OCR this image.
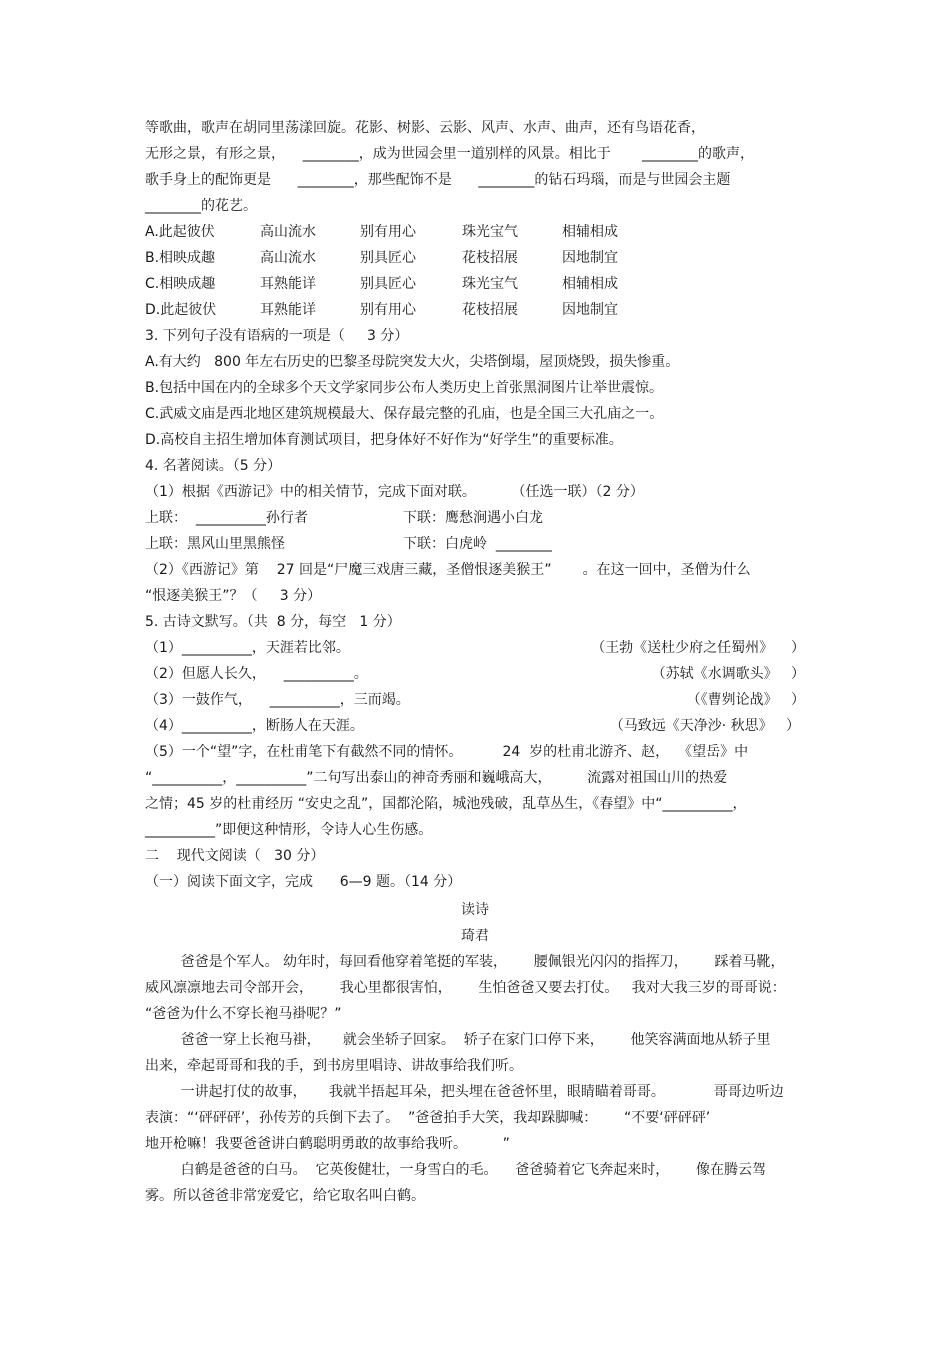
等歌曲，歌声在胡同里荡漾回旋。花影、树影、云影、风声、水声、曲声，还有鸟语花香，
无形之景，有形之景，    ________，成为世园会里一道别样的风景。相比于       ________的歌声，
歌手身上的配饰更是      ________，那些配饰不是      ________的钻石玛瑙，而是与世园会主题
________的花艺。

A.此起彼伏

	高山流水

	别有用心

	珠光宝气

	相辅相成

B.相映成趣

	高山流水

	别具匠心

	花枝招展

	因地制宜

C.相映成趣

	耳熟能详

	别具匠心

	珠光宝气

	相辅相成

D.此起彼伏

	耳熟能详

	别有用心

	花枝招展

	因地制宜

3. 下列句子没有语病的一项是（     3 分）
A.有大约   800 年左右历史的巴黎圣母院突发大火，尖塔倒塌，屋顶烧毁，损失惨重。
B.包括中国在内的全球多个天文学家同步公布人类历史上首张黑洞图片让举世震惊。
C.武威文庙是西北地区建筑规模最大、保存最完整的孔庙，也是全国三大孔庙之一。
D.高校自主招生增加体育测试项目，把身体好不好作为“好学生”的重要标准。
4. 名著阅读。（5 分）
（1）根据《西游记》中的相关情节，完成下面对联。        （任选一联）（2 分）

上联：  __________孙行者

	下联：鹰愁涧遇小白龙

上联：黑风山里黑熊怪

	下联：白虎岭  ________

（2）《西游记》第    27 回是“尸魔三戏唐三藏，圣僧恨逐美猴王”       。在这一回中，圣僧为什么
“恨逐美猴王”？（     3 分）
5. 古诗文默写。（共  8 分，每空   1 分）
（1）__________，天涯若比邻。	（王勃《送杜少府之任蜀州》    ）
（2）但愿人长久，    __________。	（苏轼《水调歌头》   ）
（3）一鼓作气，    __________，三而竭。	（《曹刿论战》   ）
（4）__________，断肠人在天涯。	（马致远《天净沙· 秋思》   ）
（5）一个“望”字，在杜甫笔下有截然不同的情怀。         24  岁的杜甫北游齐、赵，  《望岳》中
“__________，__________”二句写出泰山的神奇秀丽和巍峨高大，        流露对祖国山川的热爱
之情；45 岁的杜甫经历 “安史之乱”，国都沦陷，城池残破，乱草丛生，《春望》中“__________，
__________”即便这种情形，令诗人心生伤感。
二    现代文阅读（   30 分）
（一）阅读下面文字，完成      6—9 题。（14 分）
读诗
琦君
爸爸是个军人。 幼年时，每回看他穿着笔挺的军装，      腰佩银光闪闪的指挥刀，      踩着马靴，
威风凛凛地去司令部开会，      我心里都很害怕，      生怕爸爸又要去打仗。   我对大我三岁的哥哥说：
“爸爸为什么不穿长袍马褂呢？”
爸爸一穿上长袍马褂，     就会坐轿子回家。  轿子在家门口停下来，      他笑容满面地从轿子里
出来，牵起哥哥和我的手，到书房里唱诗、讲故事给我们听。
一讲起打仗的故事，     我就半捂起耳朵，把头埋在爸爸怀里，眼睛瞄着哥哥。           哥哥边听边
表演：“‘砰砰砰’，孙传芳的兵倒下去了。  ”爸爸拍手大笑，我却跺脚喊：      “不要‘砰砰砰’
地开枪嘛！我要爸爸讲白鹤聪明勇敢的故事给我听。        ”
白鹤是爸爸的白马。  它英俊健壮，一身雪白的毛。    爸爸骑着它飞奔起来时，      像在腾云驾
雾。所以爸爸非常宠爱它，给它取名叫白鹤。
